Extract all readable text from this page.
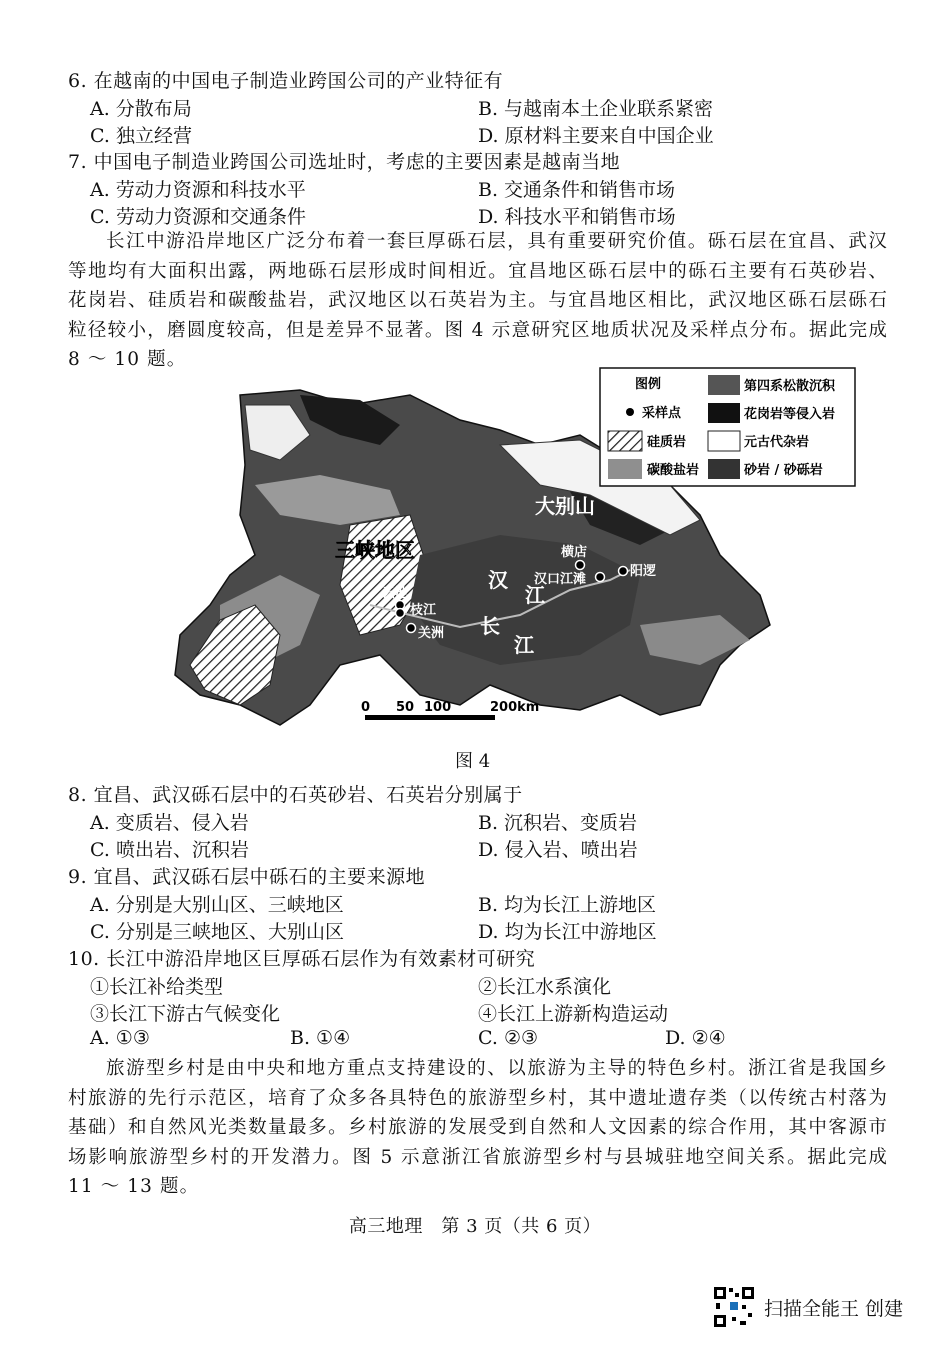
6. 在越南的中国电子制造业跨国公司的产业特征有
A. 分散布局	B. 与越南本土企业联系紧密
C. 独立经营	D. 原材料主要来自中国企业
7. 中国电子制造业跨国公司选址时，考虑的主要因素是越南当地
A. 劳动力资源和科技水平	B. 交通条件和销售市场
C. 劳动力资源和交通条件	D. 科技水平和销售市场
长江中游沿岸地区广泛分布着一套巨厚砾石层，具有重要研究价值。砾石层在宜昌、武汉等地均有大面积出露，两地砾石层形成时间相近。宜昌地区砾石层中的砾石主要有石英砂岩、花岗岩、硅质岩和碳酸盐岩，武汉地区以石英岩为主。与宜昌地区相比，武汉地区砾石层砾石粒径较小，磨圆度较高，但是差异不显著。图 4 示意研究区地质状况及采样点分布。据此完成 8 ～ 10 题。
大别山
三峡地区	横店
汉口江滩
阳逻
云池
枝江
关洲
汉
江
长
江
图例	第四系松散沉积
采样点	花岗岩等侵入岩
硅质岩	元古代杂岩
碳酸盐岩	砂岩 / 砂砾岩
0 50 100	200km
图 4
8. 宜昌、武汉砾石层中的石英砂岩、石英岩分别属于
A. 变质岩、侵入岩	B. 沉积岩、变质岩
C. 喷出岩、沉积岩	D. 侵入岩、喷出岩
9. 宜昌、武汉砾石层中砾石的主要来源地
A. 分别是大别山区、三峡地区	B. 均为长江上游地区
C. 分别是三峡地区、大别山区	D. 均为长江中游地区
10. 长江中游沿岸地区巨厚砾石层作为有效素材可研究
①长江补给类型	②长江水系演化
③长江下游古气候变化	④长江上游新构造运动
A. ①③	B. ①④	C. ②③	D. ②④
旅游型乡村是由中央和地方重点支持建设的、以旅游为主导的特色乡村。浙江省是我国乡村旅游的先行示范区，培育了众多各具特色的旅游型乡村，其中遗址遗存类（以传统古村落为基础）和自然风光类数量最多。乡村旅游的发展受到自然和人文因素的综合作用，其中客源市场影响旅游型乡村的开发潜力。图 5 示意浙江省旅游型乡村与县城驻地空间关系。据此完成 11 ～ 13 题。
高三地理　第 3 页（共 6 页）
扫描全能王 创建
